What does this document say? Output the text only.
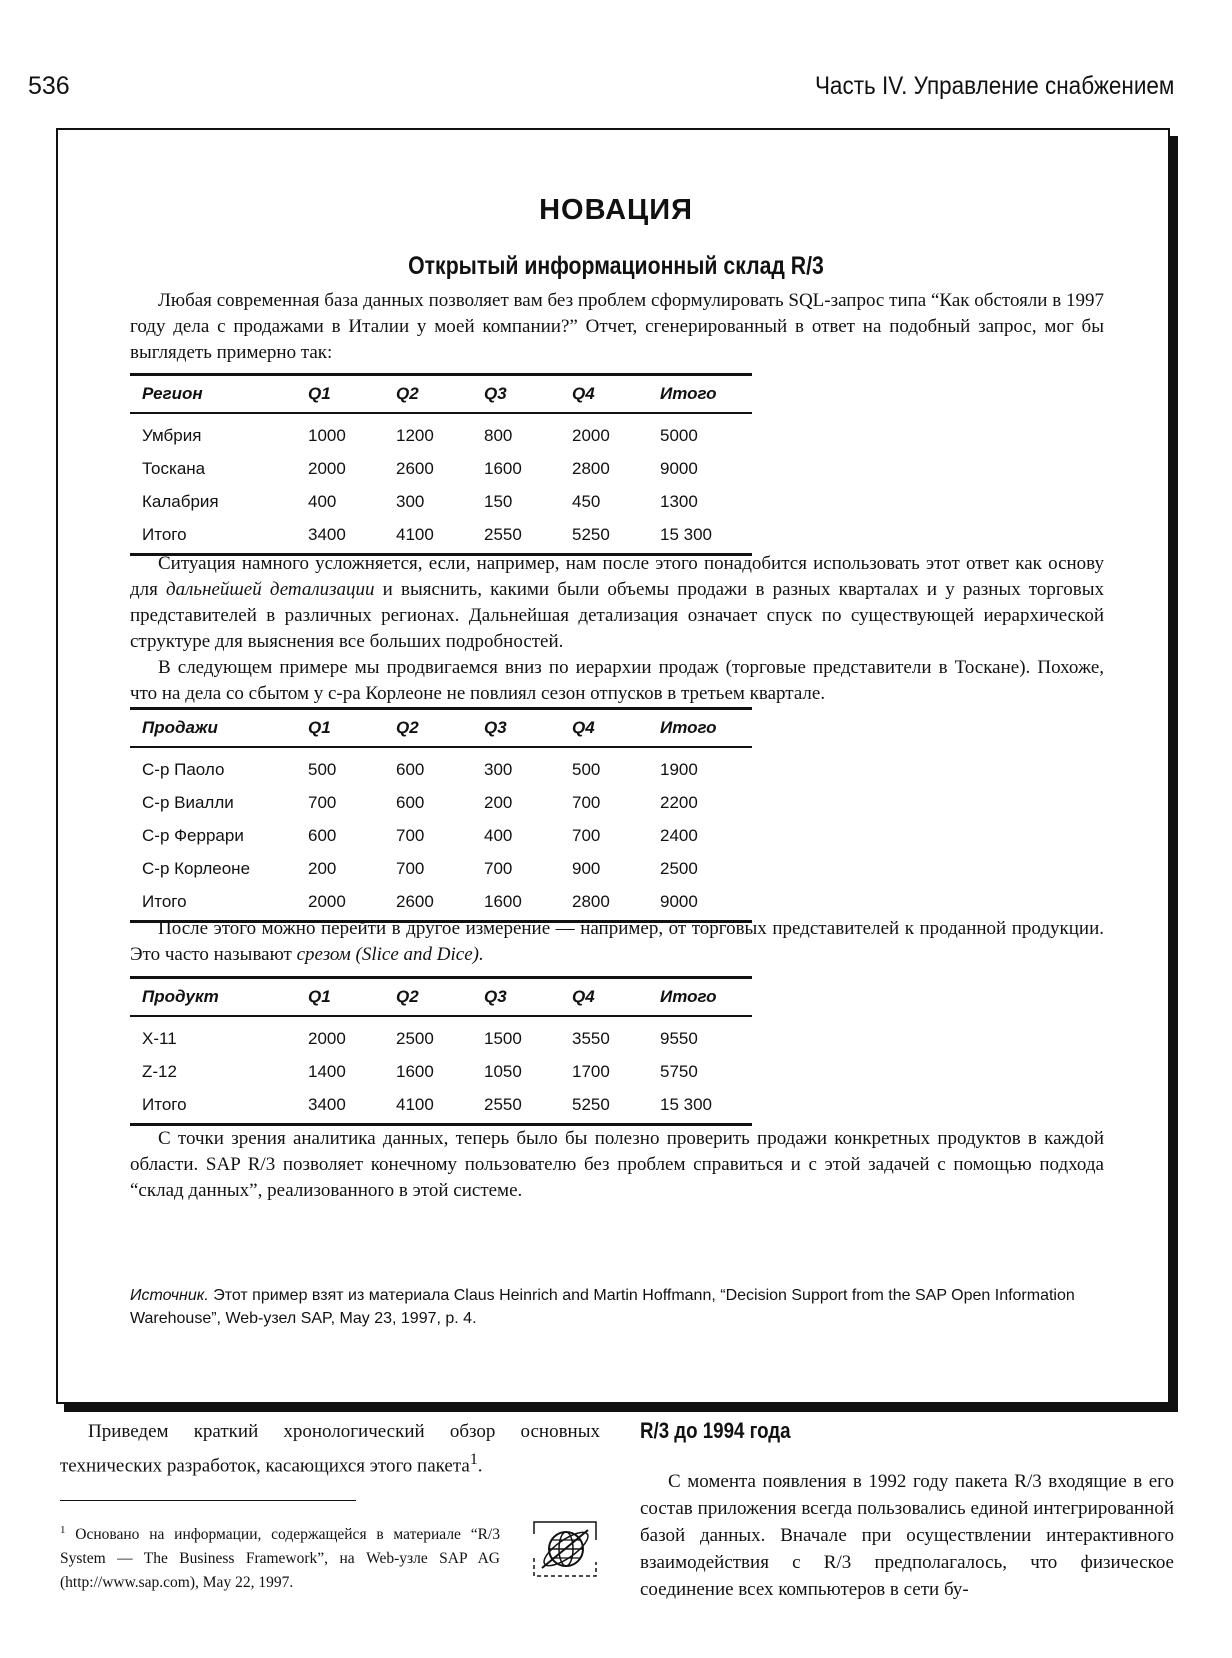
536	Часть IV. Управление снабжением
НОВАЦИЯ
Открытый информационный склад R/3

Любая современная база данных позволяет вам без проблем сформулировать SQL-запрос типа “Как обстояли в 1997 году дела с продажами в Италии у моей компании?” Отчет, сгенерированный в ответ на подобный запрос, мог бы выглядеть примерно так:

Регион	Q1	Q2	Q3	Q4	Итого
Умбрия	1000	1200	800	2000	5000
Тоскана	2000	2600	1600	2800	9000
Калабрия	400	300	150	450	1300
Итого	3400	4100	2550	5250	15 300

Ситуация намного усложняется, если, например, нам после этого понадобится использовать этот ответ как основу для дальнейшей детализации и выяснить, какими были объемы продажи в разных кварталах и у разных торговых представителей в различных регионах. Дальнейшая детализация означает спуск по существующей иерархической структуре для выяснения все больших подробностей.

В следующем примере мы продвигаемся вниз по иерархии продаж (торговые представители в Тоскане). Похоже, что на дела со сбытом у с-ра Корлеоне не повлиял сезон отпусков в третьем квартале.

Продажи	Q1	Q2	Q3	Q4	Итого
С-р Паоло	500	600	300	500	1900
С-р Виалли	700	600	200	700	2200
С-р Феррари	600	700	400	700	2400
С-р Корлеоне	200	700	700	900	2500
Итого	2000	2600	1600	2800	9000

После этого можно перейти в другое измерение — например, от торговых представителей к проданной продукции. Это часто называют срезом (Slice and Dice).

Продукт	Q1	Q2	Q3	Q4	Итого
X-11	2000	2500	1500	3550	9550
Z-12	1400	1600	1050	1700	5750
Итого	3400	4100	2550	5250	15 300

С точки зрения аналитика данных, теперь было бы полезно проверить продажи конкретных продуктов в каждой области. SAP R/3 позволяет конечному пользователю без проблем справиться и с этой задачей с помощью подхода “склад данных”, реализованного в этой системе.

Источник. Этот пример взят из материала Claus Heinrich and Martin Hoffmann, “Decision Support from the SAP Open Information Warehouse”, Web-узел SAP, May 23, 1997, p. 4.

Приведем краткий хронологический обзор основных технических разработок, касающихся этого пакета$^1$.

$^1$ Основано на информации, содержащейся в материале “R/3 System — The Business Framework”, на Web-узле SAP AG (http://www.sap.com), May 22, 1997.
R/3 до 1994 года

С момента появления в 1992 году пакета R/3 входящие в его состав приложения всегда пользовались единой интегрированной базой данных. Вначале при осуществлении интерактивного взаимодействия с R/3 предполагалось, что физическое соединение всех компьютеров в сети бу-
